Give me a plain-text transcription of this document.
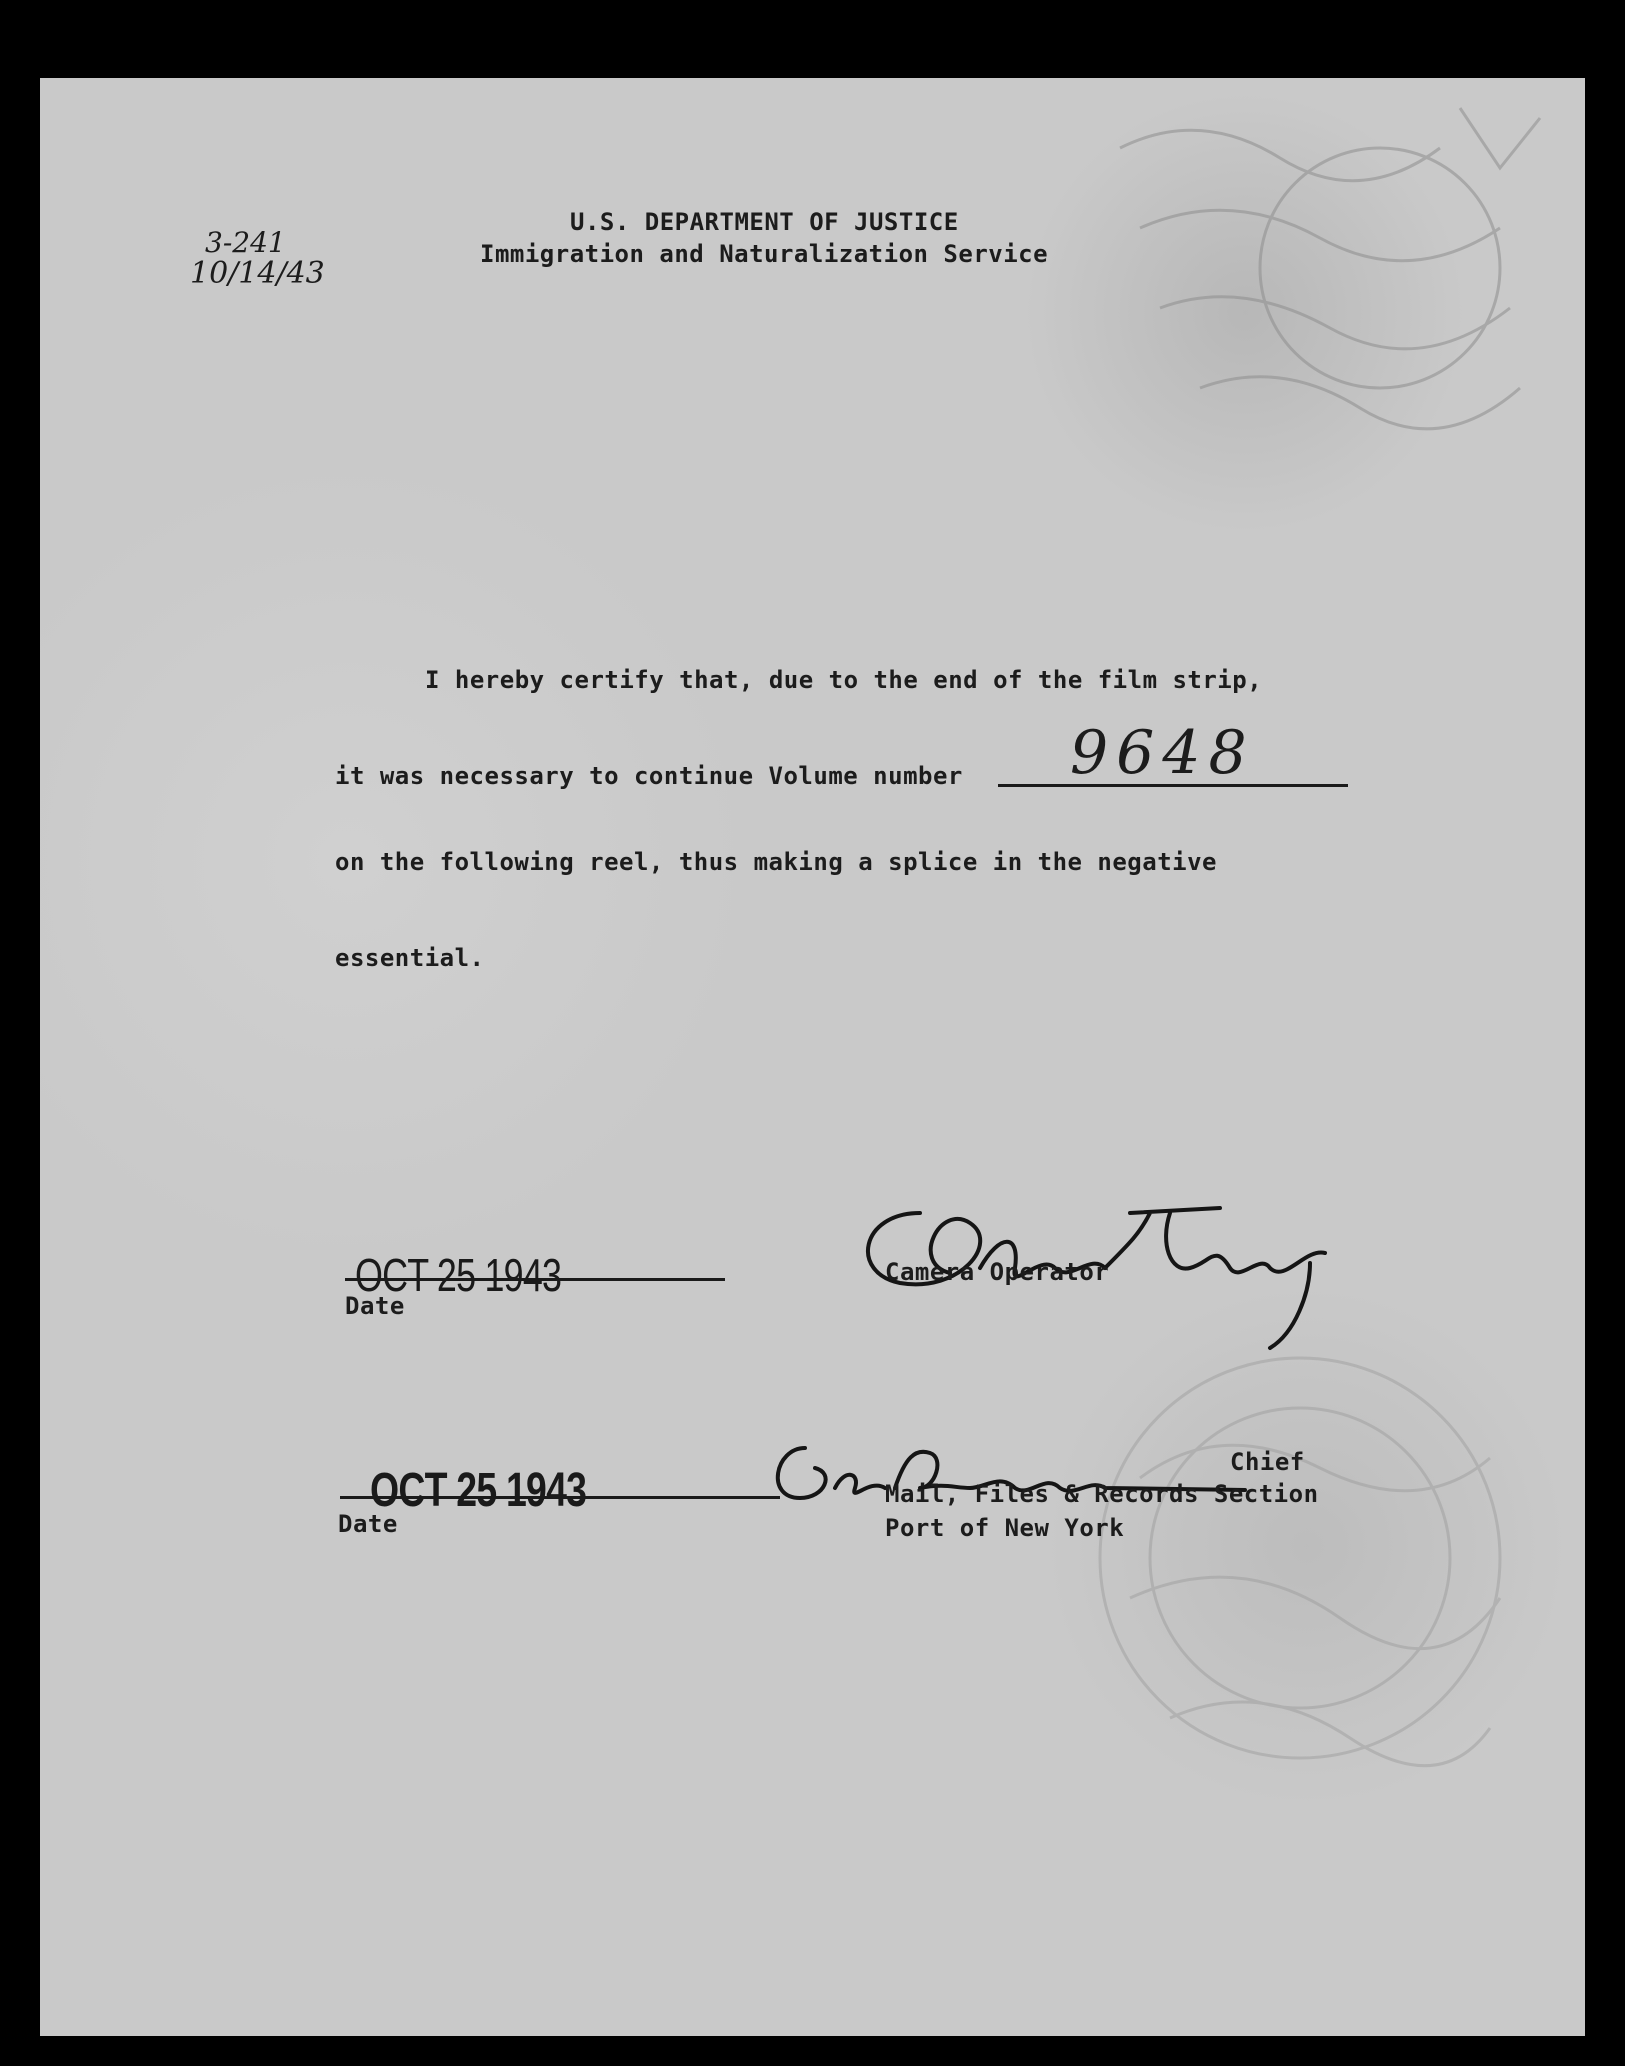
3-241
10/14/43
U.S. DEPARTMENT OF JUSTICE
Immigration and Naturalization Service
I hereby certify that, due to the end of the film strip,
it was necessary to continue Volume number 9648
on the following reel, thus making a splice in the negative
essential.
OCT 25 1943
Date
Thomas Fearing
Camera Operator
OCT 25 1943
Date
Geo Baecher
Chief
Mail, Files & Records Section
Port of New York
